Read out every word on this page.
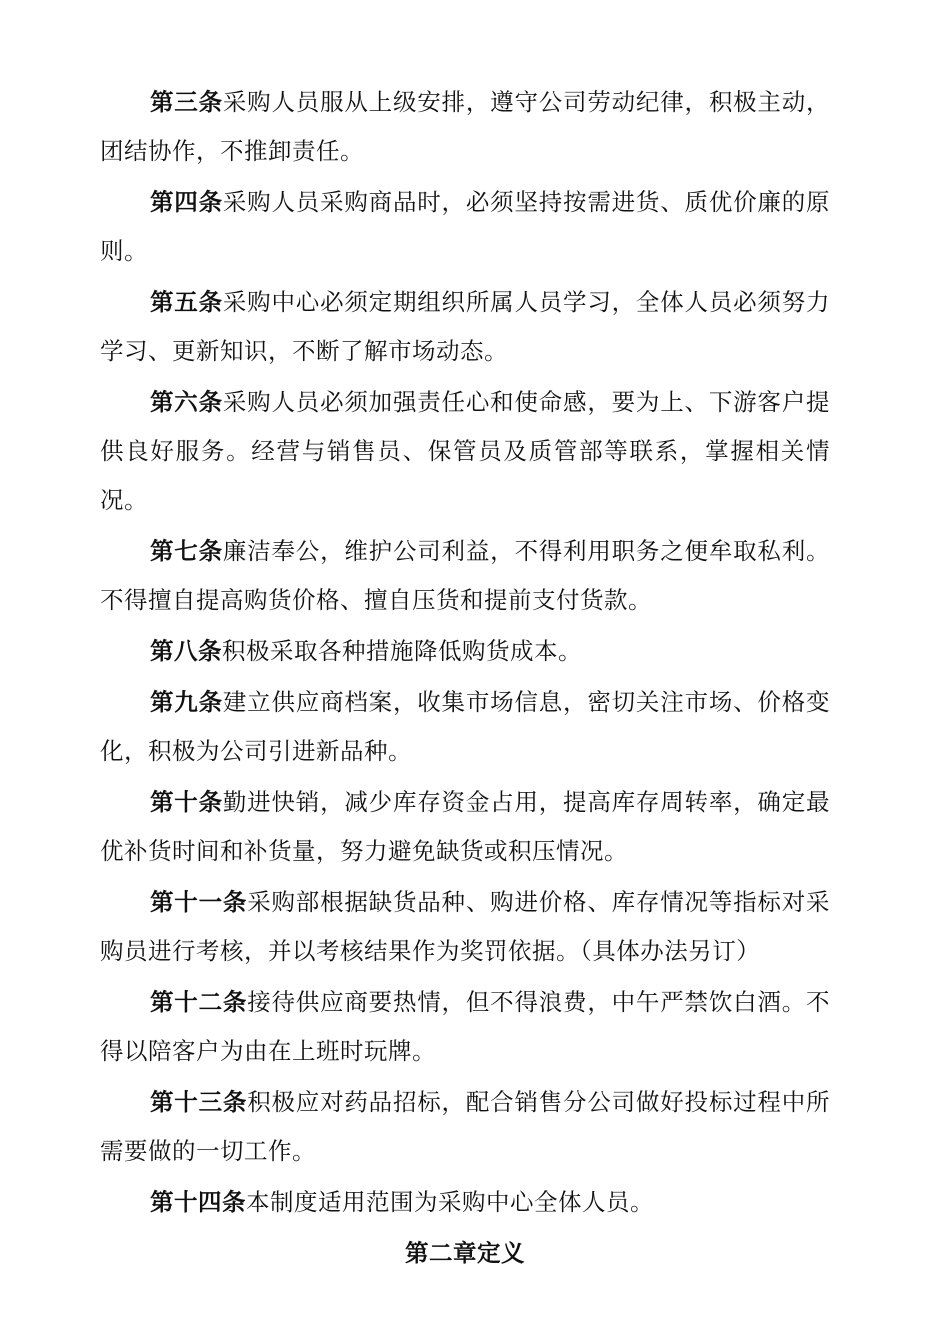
第三条采购人员服从上级安排，遵守公司劳动纪律，积极主动，团结协作，不推卸责任。

第四条采购人员采购商品时，必须坚持按需进货、质优价廉的原则。

第五条采购中心必须定期组织所属人员学习，全体人员必须努力学习、更新知识，不断了解市场动态。

第六条采购人员必须加强责任心和使命感，要为上、下游客户提供良好服务。经营与销售员、保管员及质管部等联系，掌握相关情况。

第七条廉洁奉公，维护公司利益，不得利用职务之便牟取私利。不得擅自提高购货价格、擅自压货和提前支付货款。

第八条积极采取各种措施降低购货成本。

第九条建立供应商档案，收集市场信息，密切关注市场、价格变化，积极为公司引进新品种。

第十条勤进快销，减少库存资金占用，提高库存周转率，确定最优补货时间和补货量，努力避免缺货或积压情况。

第十一条采购部根据缺货品种、购进价格、库存情况等指标对采购员进行考核，并以考核结果作为奖罚依据。（具体办法另订）

第十二条接待供应商要热情，但不得浪费，中午严禁饮白酒。不得以陪客户为由在上班时玩牌。

第十三条积极应对药品招标，配合销售分公司做好投标过程中所需要做的一切工作。

第十四条本制度适用范围为采购中心全体人员。

第二章定义
